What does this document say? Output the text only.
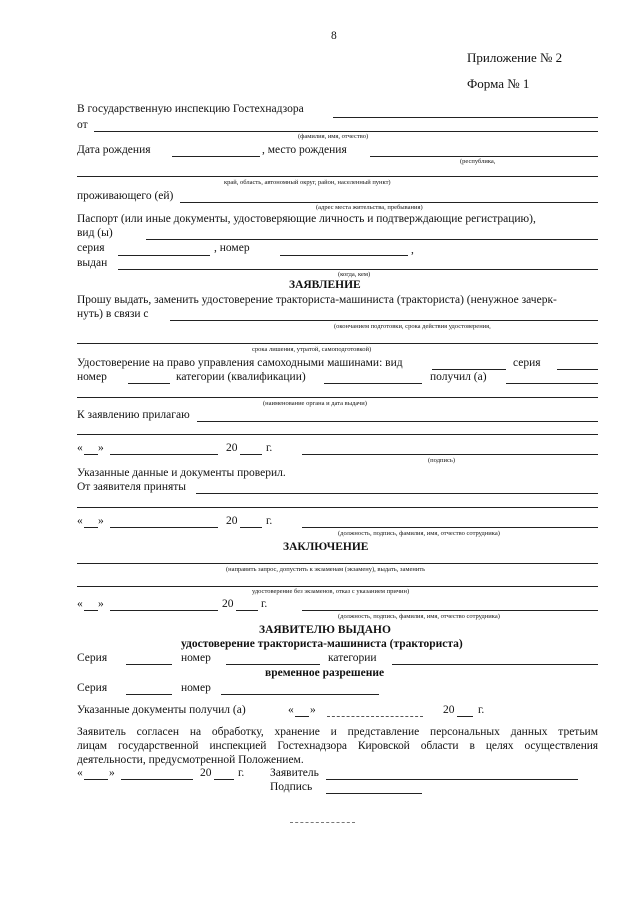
8
Приложение № 2
Форма № 1
В государственную инспекцию Гостехнадзора
от
(фамилия, имя, отчество)
Дата рождения	, место рождения
(республика,
край, область, автономный округ, район, населенный пункт)
проживающего (ей)
(адрес места жительства, пребывания)
Паспорт (или иные документы, удостоверяющие личность и подтверждающие регистрацию),
вид (ы)
серия	, номер	,
выдан
(когда, кем)
ЗАЯВЛЕНИЕ
Прошу выдать, заменить удостоверение тракториста-машиниста (тракториста) (ненужное зачерк-
нуть) в связи с
(окончанием подготовки, срока действия удостоверения,
срока лишения, утратой, самоподготовкой)
Удостоверение на право управления самоходными машинами: вид	серия
номер	категории (квалификации)	получил (а)
(наименование органа и дата выдачи)
К заявлению прилагаю
« »	20 г.
(подпись)
Указанные данные и документы проверил.
От заявителя приняты
« »	20 г.
(должность, подпись, фамилия, имя, отчество сотрудника)
ЗАКЛЮЧЕНИЕ
(направить запрос, допустить к экзаменам (экзамену), выдать, заменить
удостоверение без экзаменов, отказ с указанием причин)
« »	20 г.
(должность, подпись, фамилия, имя, отчество сотрудника)
ЗАЯВИТЕЛЮ ВЫДАНО
удостоверение тракториста-машиниста (тракториста)
Серия	номер	категории
временное разрешение
Серия	номер
Указанные документы получил (а)	« »	20 г.
Заявитель согласен на обработку, хранение и представление персональных данных третьим
лицам государственной инспекцией Гостехнадзора Кировской области в целях осуществления
деятельности, предусмотренной Положением.
« »	20 г. Заявитель
Подпись
